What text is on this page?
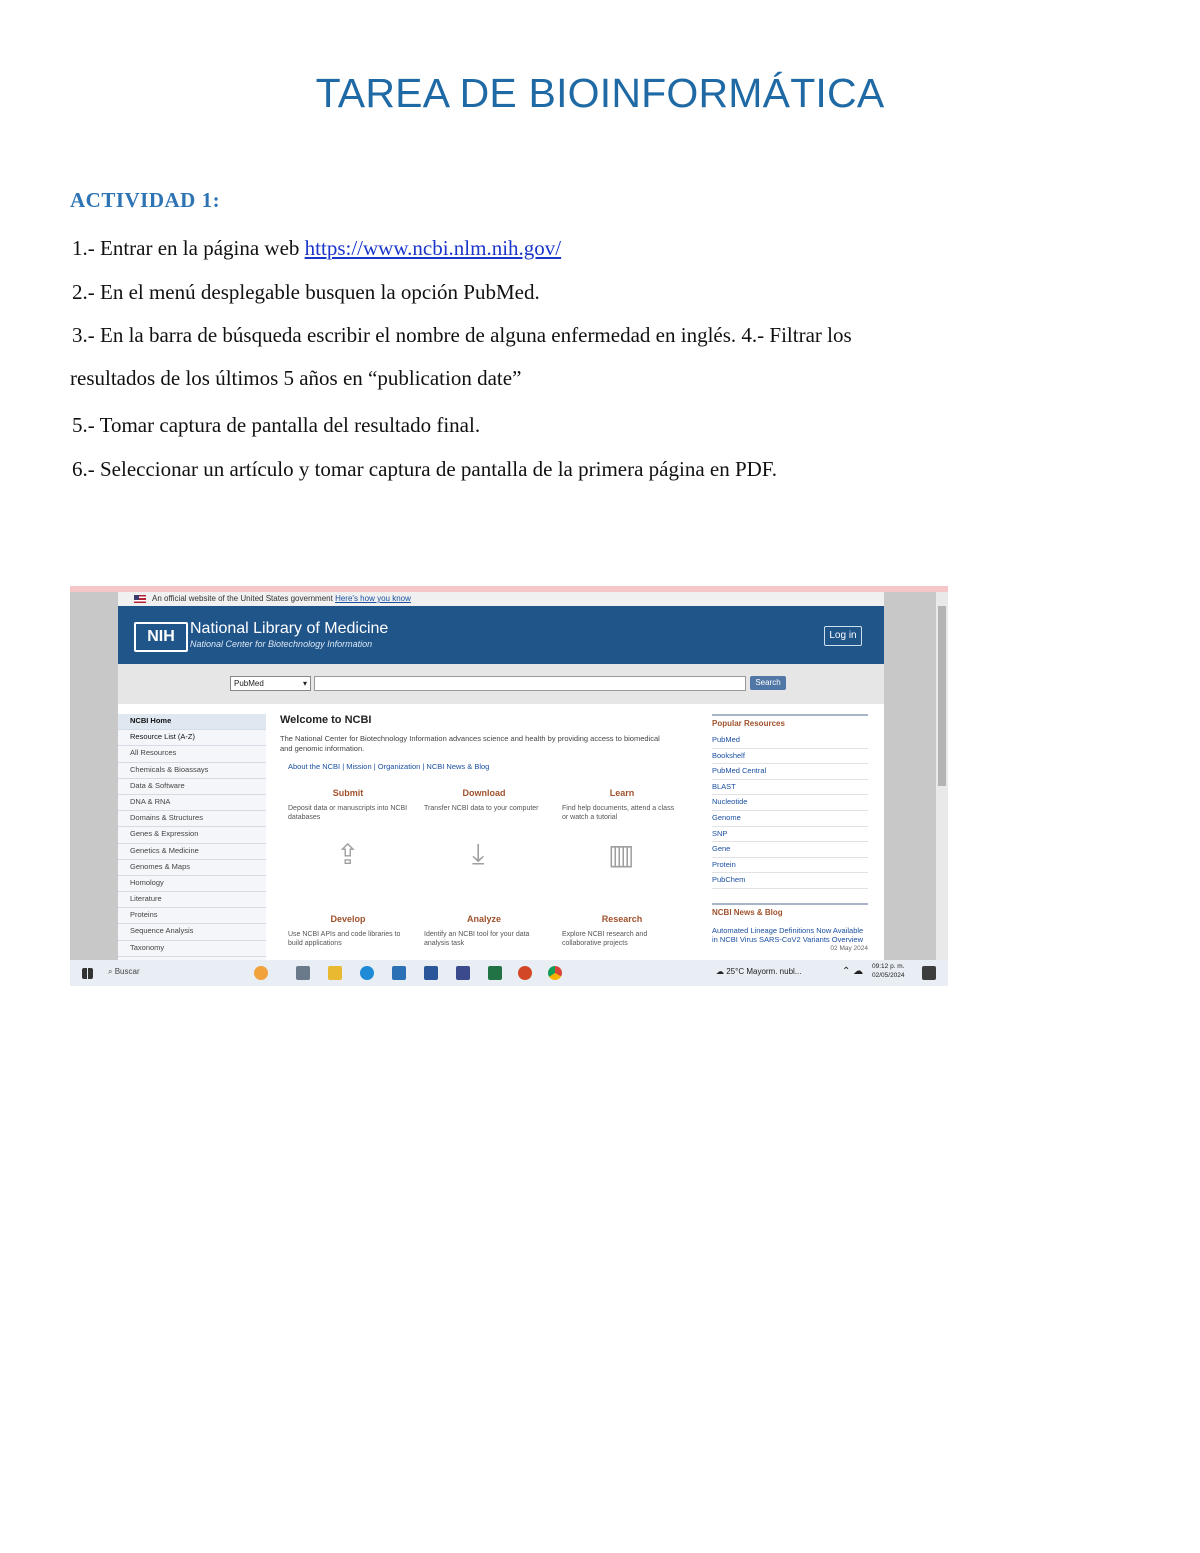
TAREA DE BIOINFORMÁTICA
ACTIVIDAD 1:
1.- Entrar en la página web https://www.ncbi.nlm.nih.gov/
2.- En el menú desplegable busquen la opción PubMed.
3.- En la barra de búsqueda escribir el nombre de alguna enfermedad en inglés. 4.- Filtrar los
resultados de los últimos 5 años en “publication date”
5.- Tomar captura de pantalla del resultado final.
6.- Seleccionar un artículo y tomar captura de pantalla de la primera página en PDF.
An official website of the United States government Here's how you know
NIH National Library of Medicine
National Center for Biotechnology Information
Log in
PubMed	▾	Search
NCBI Home
Resource List (A-Z)
All Resources
Chemicals & Bioassays
Data & Software
DNA & RNA
Domains & Structures
Genes & Expression
Genetics & Medicine
Genomes & Maps
Homology
Literature
Proteins
Sequence Analysis
Taxonomy
Welcome to NCBI
The National Center for Biotechnology Information advances science and health by providing access to biomedical and genomic information.
About the NCBI | Mission | Organization | NCBI News & Blog
Submit
Deposit data or manuscripts into NCBI databases
⇪
Download
Transfer NCBI data to your computer
⤓
Learn
Find help documents, attend a class or watch a tutorial
▥
Develop
Use NCBI APIs and code libraries to build applications
Analyze
Identify an NCBI tool for your data analysis task
Research
Explore NCBI research and collaborative projects
Popular Resources
PubMed
Bookshelf
PubMed Central
BLAST
Nucleotide
Genome
SNP
Gene
Protein
PubChem
NCBI News & Blog
Automated Lineage Definitions Now Available in NCBI Virus SARS-CoV2 Variants Overview
02 May 2024
⌕ Buscar	☁ 25°C Mayorm. nubl...	⌃ ☁ 09:12 p. m.
02/05/2024
